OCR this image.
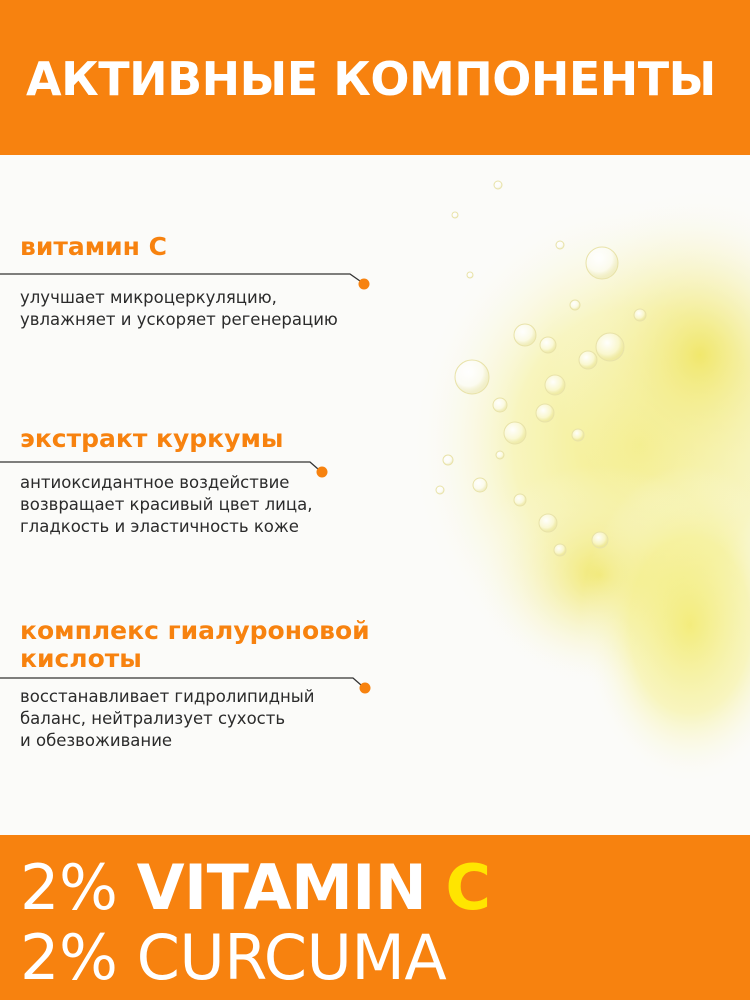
АКТИВНЫЕ КОМПОНЕНТЫ

витамин С

улучшает микроцеркуляцию,
увлажняет и ускоряет регенерацию

экстракт куркумы

антиоксидантное воздействие
возвращает красивый цвет лица,
гладкость и эластичность коже

комплекс гиалуроновой
кислоты

восстанавливает гидролипидный
баланс, нейтрализует сухость
и обезвоживание

2% VITAMIN C
2% CURCUMA
